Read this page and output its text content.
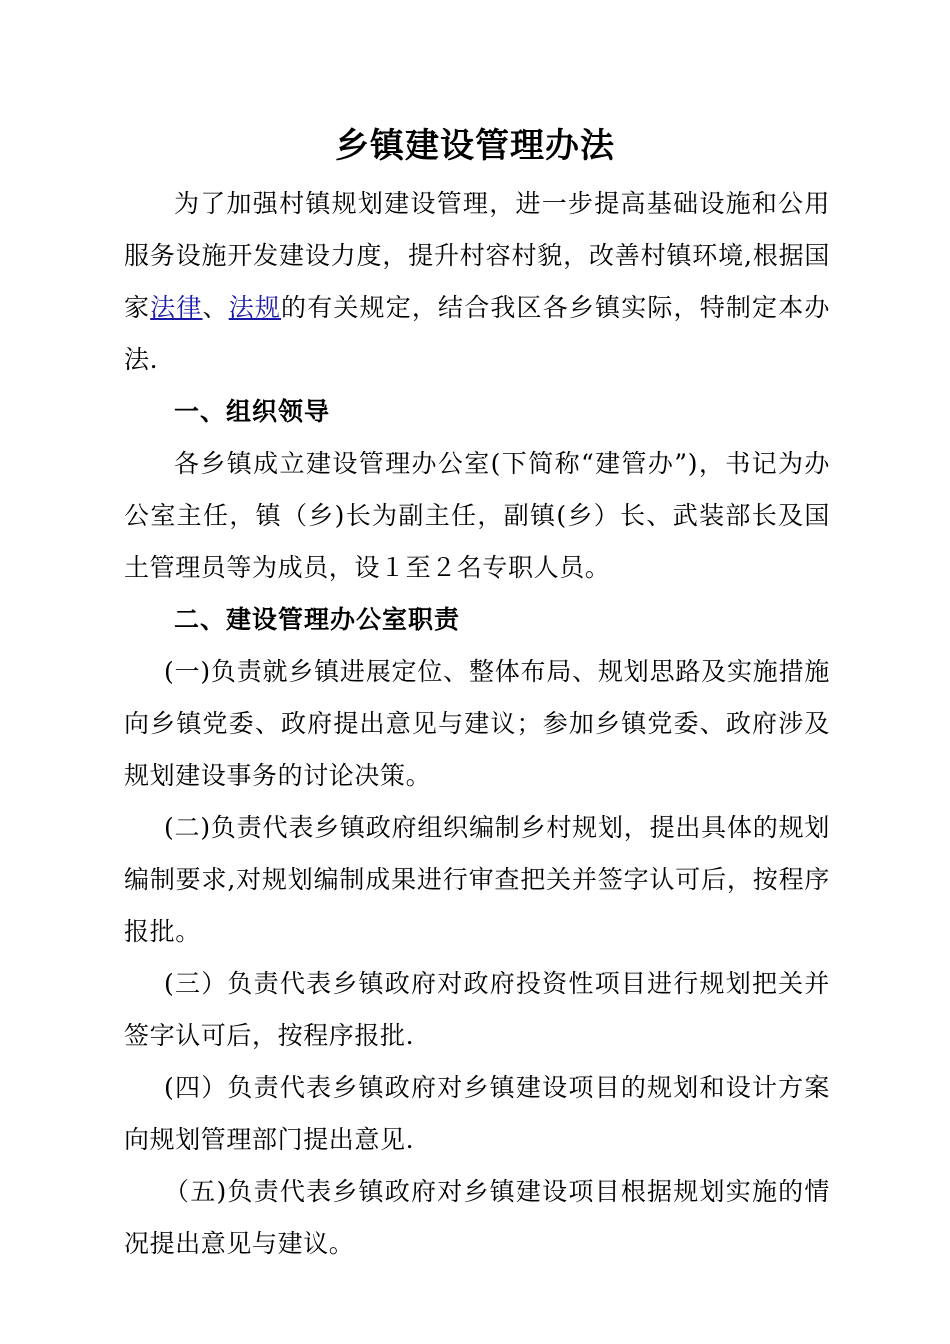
乡镇建设管理办法

为了加强村镇规划建设管理，进一步提高基础设施和公用服务设施开发建设力度，提升村容村貌，改善村镇环境,根据国家法律、法规的有关规定，结合我区各乡镇实际，特制定本办法.

一、组织领导

各乡镇成立建设管理办公室(下简称“建管办”)，书记为办公室主任，镇（乡)长为副主任，副镇(乡）长、武装部长及国土管理员等为成员，设１至２名专职人员。

二、建设管理办公室职责

(一)负责就乡镇进展定位、整体布局、规划思路及实施措施向乡镇党委、政府提出意见与建议；参加乡镇党委、政府涉及规划建设事务的讨论决策。

(二)负责代表乡镇政府组织编制乡村规划，提出具体的规划编制要求,对规划编制成果进行审查把关并签字认可后，按程序报批。

(三）负责代表乡镇政府对政府投资性项目进行规划把关并签字认可后，按程序报批.

(四）负责代表乡镇政府对乡镇建设项目的规划和设计方案向规划管理部门提出意见.

（五)负责代表乡镇政府对乡镇建设项目根据规划实施的情况提出意见与建议。
